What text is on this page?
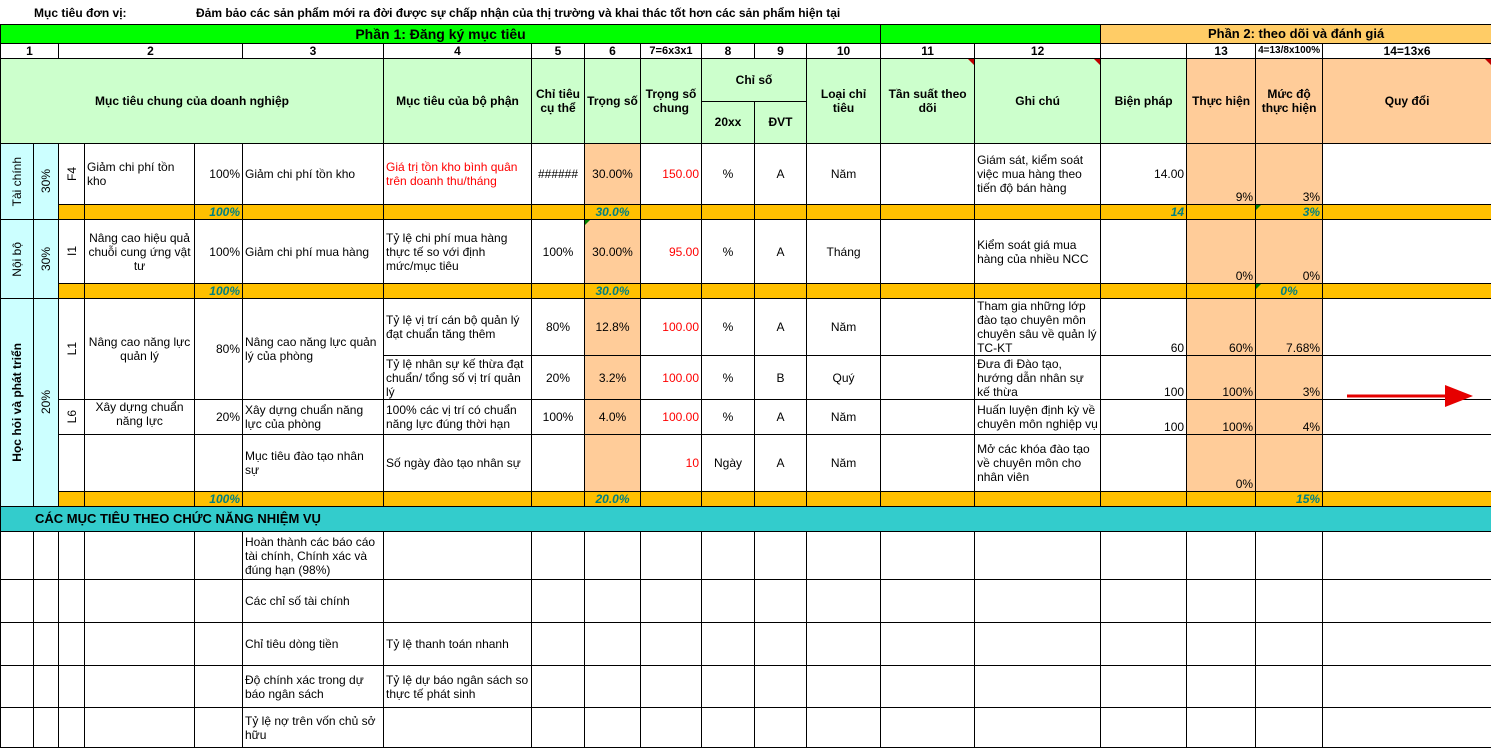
Mục tiêu đơn vị:	Đảm bảo các sản phẩm mới ra đời được sự chấp nhận của thị trường và khai thác tốt hơn các sản phẩm hiện tại
Phần 1: Đăng ký mục tiêu															Phần 2: theo dõi và đánh giá				
1		2			3	4	5	6	7=6x3x1	8	9	10	11	12		13	4=13/8x100%	14=13x6	
Mục tiêu chung của doanh nghiệp						Mục tiêu của bộ phận	Chỉ tiêu cụ thể	Trọng số	Trọng số chung	Chỉ số		Loại chỉ tiêu	Tần suất theo dõi	Ghi chú	Biện pháp	Thực hiện	Mức độ thực hiện	Quy đổi

										20xx	ĐVT								

Tài chính	30%	F4	Giảm chi phí tồn kho	100%	Giảm chi phí tồn kho	Giá trị tồn kho bình quân trên doanh thu/tháng	######	30.00%	150.00	%	A	Năm		Giám sát, kiểm soát việc mua hàng theo tiến độ bán hàng	14.00	9%	3%		
				100%				30.0%							14		3%		

Nội bộ	30%	I1	Nâng cao hiệu quả chuỗi cung ứng vật tư	100%	Giảm chi phí mua hàng	Tỷ lệ chi phí mua hàng thực tế so với định mức/mục tiêu	100%	30.00%	95.00	%	A	Tháng		Kiểm soát giá mua hàng của nhiều NCC		0%	0%		
				100%				30.0%									0%		

Học hỏi và phát triển	20%	L1	Nâng cao năng lực quản lý	80%	Nâng cao năng lực quản lý của phòng	Tỷ lệ vị trí cán bộ quản lý đạt chuẩn tăng thêm	80%	12.8%	100.00	%	A	Năm		Tham gia những lớp đào tạo chuyên môn chuyên sâu về quản lý TC-KT	60	60%	7.68%		
						Tỷ lệ nhân sự kế thừa đạt chuẩn/ tổng số vị trí quản lý	20%	3.2%	100.00	%	B	Quý		Đưa đi Đào tạo, hướng dẫn nhân sự kế thừa	100	100%	3%		

		L6	Xây dựng chuẩn năng lực	20%	Xây dựng chuẩn năng lực của phòng	100% các vị trí có chuẩn năng lực đúng thời hạn	100%	4.0%	100.00	%	A	Năm		Huấn luyện định kỳ về chuyên môn nghiệp vụ	100	100%	4%		
					Mục tiêu đào tạo nhân sự	Số ngày đào tạo nhân sự			10	Ngày	A	Năm		Mở các khóa đào tạo về chuyên môn cho nhân viên		0%			
				100%				20.0%									15%		
CÁC MỤC TIÊU THEO CHỨC NĂNG NHIỆM VỤ																			
					Hoàn thành các báo cáo tài chính, Chính xác và đúng hạn (98%)														
					Các chỉ số tài chính														
					Chỉ tiêu dòng tiền	Tỷ lệ thanh toán nhanh													
					Độ chính xác trong dự báo ngân sách	Tỷ lệ dự báo ngân sách so thực tế phát sinh													
					Tỷ lệ nợ trên vốn chủ sở hữu														
